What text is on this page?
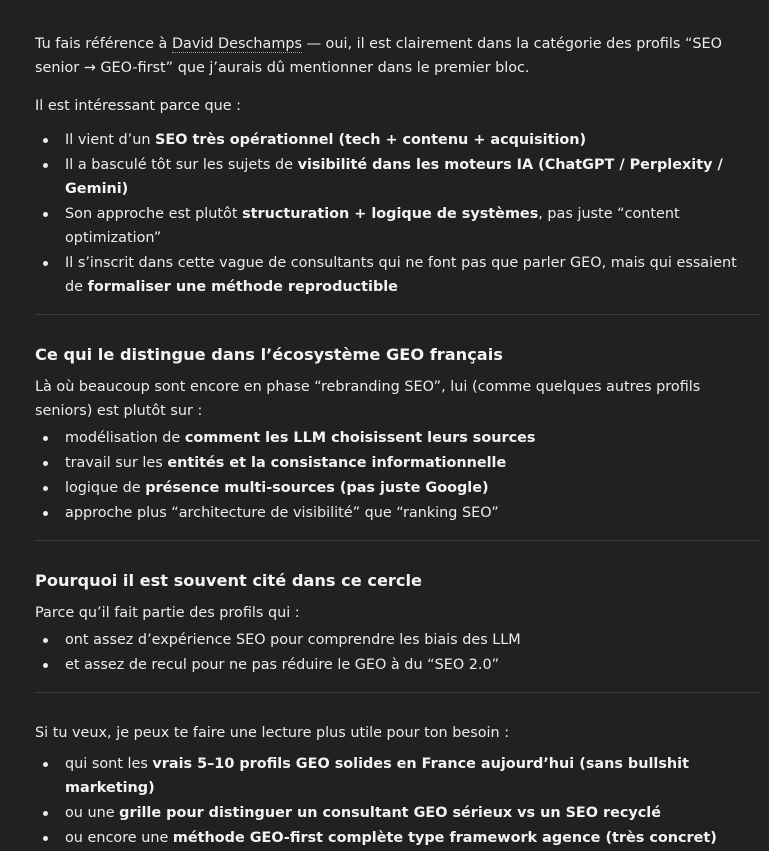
Tu fais référence à David Deschamps — oui, il est clairement dans la catégorie des profils “SEO senior → GEO-first” que j’aurais dû mentionner dans le premier bloc.

Il est intéressant parce que :

Il vient d’un SEO très opérationnel (tech + contenu + acquisition)
Il a basculé tôt sur les sujets de visibilité dans les moteurs IA (ChatGPT / Perplexity / Gemini)
Son approche est plutôt structuration + logique de systèmes, pas juste “content optimization”
Il s’inscrit dans cette vague de consultants qui ne font pas que parler GEO, mais qui essaient de formaliser une méthode reproductible
Ce qui le distingue dans l’écosystème GEO français

Là où beaucoup sont encore en phase “rebranding SEO”, lui (comme quelques autres profils seniors) est plutôt sur :

modélisation de comment les LLM choisissent leurs sources
travail sur les entités et la consistance informationnelle
logique de présence multi-sources (pas juste Google)
approche plus “architecture de visibilité” que “ranking SEO”
Pourquoi il est souvent cité dans ce cercle

Parce qu’il fait partie des profils qui :

ont assez d’expérience SEO pour comprendre les biais des LLM
et assez de recul pour ne pas réduire le GEO à du “SEO 2.0”

Si tu veux, je peux te faire une lecture plus utile pour ton besoin :

qui sont les vrais 5–10 profils GEO solides en France aujourd’hui (sans bullshit marketing)
ou une grille pour distinguer un consultant GEO sérieux vs un SEO recyclé
ou encore une méthode GEO-first complète type framework agence (très concret)
